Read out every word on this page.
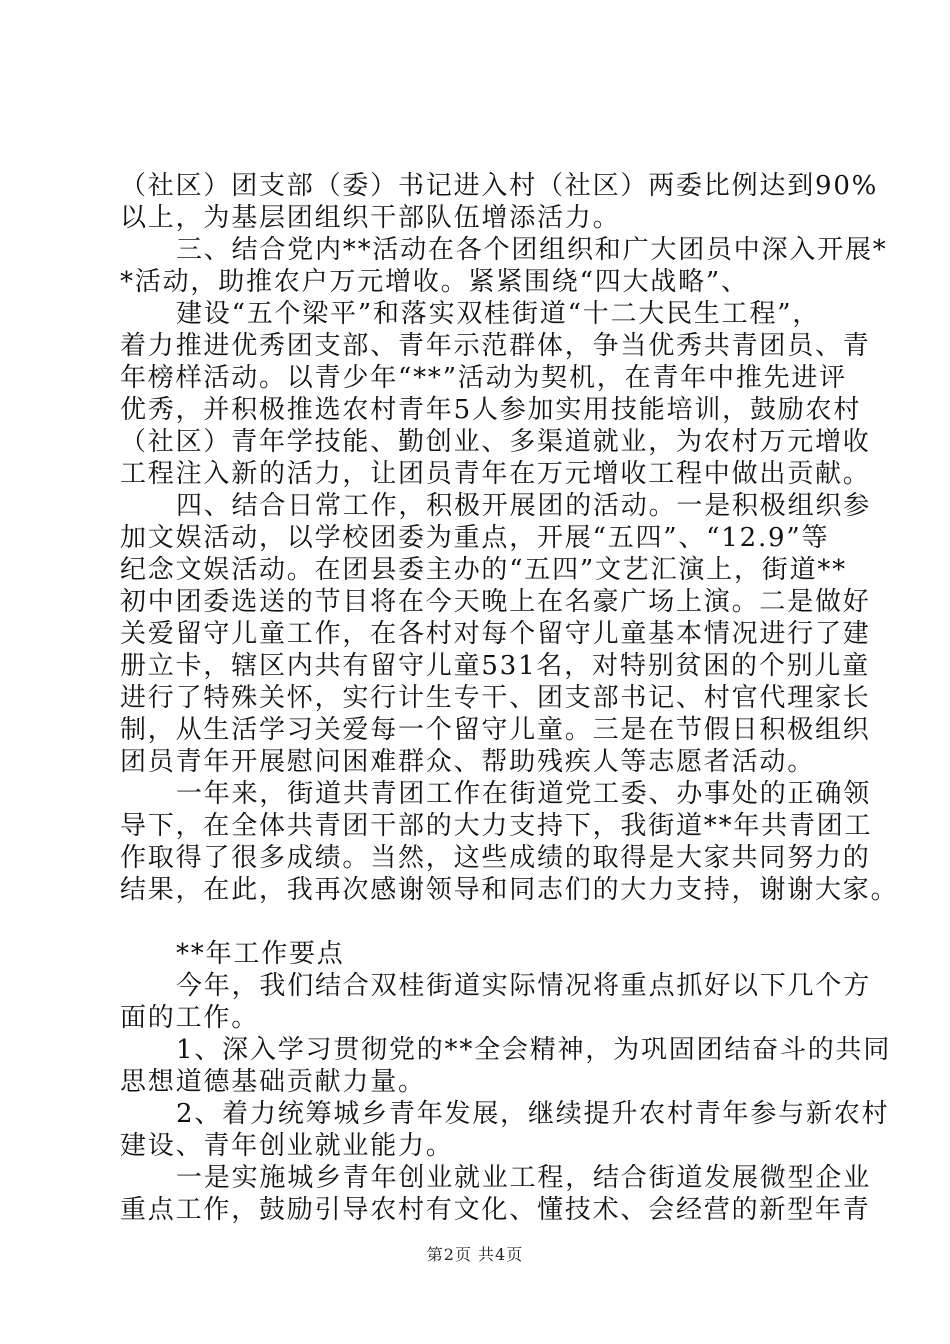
（社区）团支部（委）书记进入村（社区）两委比例达到90%
以上，为基层团组织干部队伍增添活力。
三、结合党内**活动在各个团组织和广大团员中深入开展*
*活动，助推农户万元增收。紧紧围绕“四大战略”、
建设“五个梁平”和落实双桂街道“十二大民生工程”，
着力推进优秀团支部、青年示范群体，争当优秀共青团员、青
年榜样活动。以青少年“**”活动为契机，在青年中推先进评
优秀，并积极推选农村青年5人参加实用技能培训，鼓励农村
（社区）青年学技能、勤创业、多渠道就业，为农村万元增收
工程注入新的活力，让团员青年在万元增收工程中做出贡献。
四、结合日常工作，积极开展团的活动。一是积极组织参
加文娱活动，以学校团委为重点，开展“五四”、“12.9”等
纪念文娱活动。在团县委主办的“五四”文艺汇演上，街道**
初中团委选送的节目将在今天晚上在名豪广场上演。二是做好
关爱留守儿童工作，在各村对每个留守儿童基本情况进行了建
册立卡，辖区内共有留守儿童531名，对特别贫困的个别儿童
进行了特殊关怀，实行计生专干、团支部书记、村官代理家长
制，从生活学习关爱每一个留守儿童。三是在节假日积极组织
团员青年开展慰问困难群众、帮助残疾人等志愿者活动。
一年来，街道共青团工作在街道党工委、办事处的正确领
导下，在全体共青团干部的大力支持下，我街道**年共青团工
作取得了很多成绩。当然，这些成绩的取得是大家共同努力的
结果，在此，我再次感谢领导和同志们的大力支持，谢谢大家。
**年工作要点
今年，我们结合双桂街道实际情况将重点抓好以下几个方
面的工作。
1、深入学习贯彻党的**全会精神，为巩固团结奋斗的共同
思想道德基础贡献力量。
2、着力统筹城乡青年发展，继续提升农村青年参与新农村
建设、青年创业就业能力。
一是实施城乡青年创业就业工程，结合街道发展微型企业
重点工作，鼓励引导农村有文化、懂技术、会经营的新型年青
第2页 共4页
